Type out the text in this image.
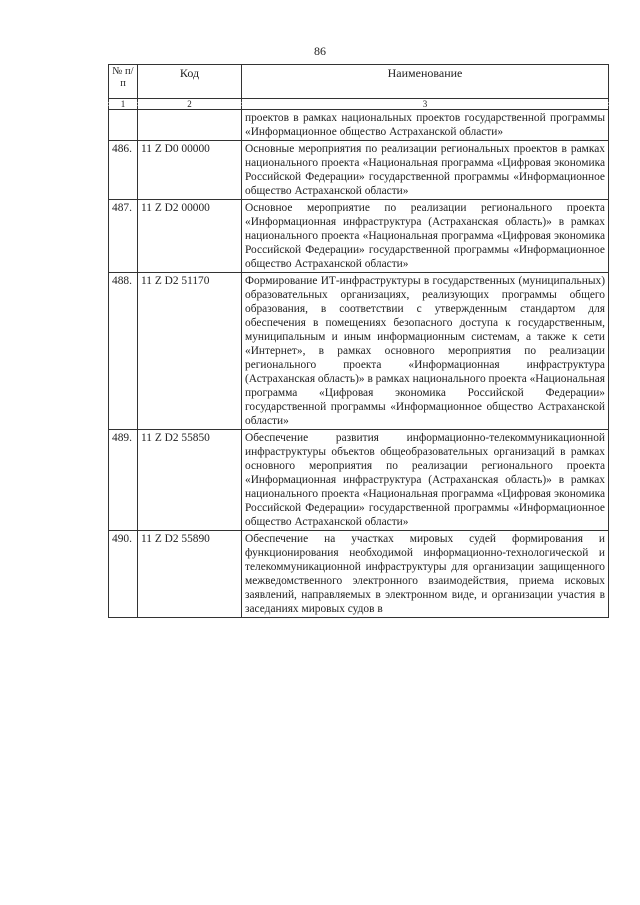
86
№ п/п	Код	Наименование
1	2	3
		проектов в рамках национальных проектов государственной программы «Информационное общество Астраханской области»
486.	11 Z D0 00000	Основные мероприятия по реализации региональных проектов в рамках национального проекта «Национальная программа «Цифровая экономика Российской Федерации» государственной программы «Информационное общество Астраханской области»
487.	11 Z D2 00000	Основное мероприятие по реализации регионального проекта «Информационная инфраструктура (Астраханская область)» в рамках национального проекта «Национальная программа «Цифровая экономика Российской Федерации» государственной программы «Информационное общество Астраханской области»
488.	11 Z D2 51170	Формирование ИТ-инфраструктуры в государственных (муниципальных) образовательных организациях, реализующих программы общего образования, в соответствии с утвержденным стандартом для обеспечения в помещениях безопасного доступа к государственным, муниципальным и иным информационным системам, а также к сети «Интернет», в рамках основного мероприятия по реализации регионального проекта «Информационная инфраструктура (Астраханская область)» в рамках национального проекта «Национальная программа «Цифровая экономика Российской Федерации» государственной программы «Информационное общество Астраханской области»
489.	11 Z D2 55850	Обеспечение развития информационно-телекоммуникационной инфраструктуры объектов общеобразовательных организаций в рамках основного мероприятия по реализации регионального проекта «Информационная инфраструктура (Астраханская область)» в рамках национального проекта «Национальная программа «Цифровая экономика Российской Федерации» государственной программы «Информационное общество Астраханской области»
490.	11 Z D2 55890	Обеспечение на участках мировых судей формирования и функционирования необходимой информационно-технологической и телекоммуникационной инфраструктуры для организации защищенного межведомственного электронного взаимодействия, приема исковых заявлений, направляемых в электронном виде, и организации участия в заседаниях мировых судов в
